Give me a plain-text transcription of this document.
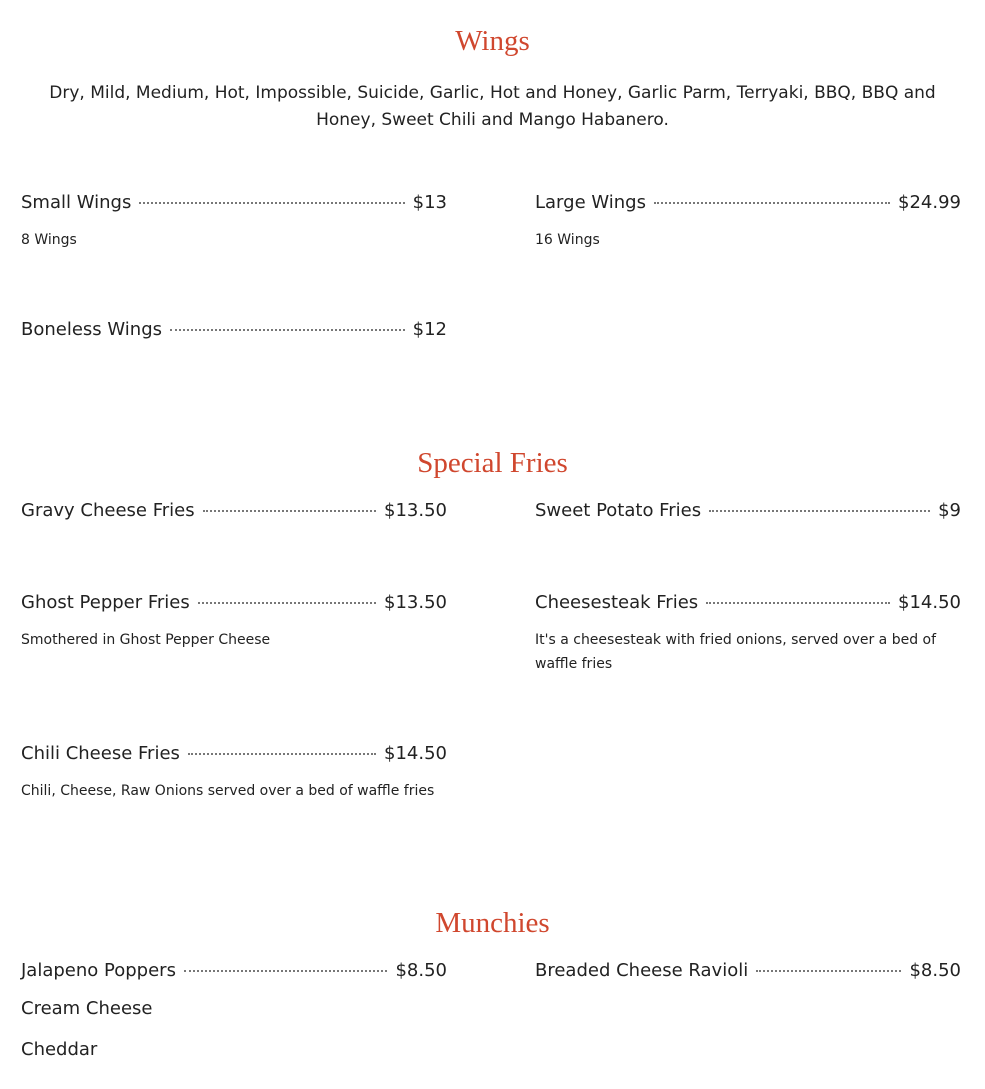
Wings
Dry, Mild, Medium, Hot, Impossible, Suicide, Garlic, Hot and Honey, Garlic Parm, Terryaki, BBQ, BBQ and Honey, Sweet Chili and Mango Habanero.
Small Wings	$13
8 Wings
Large Wings	$24.99
16 Wings
Boneless Wings	$12
Special Fries
Gravy Cheese Fries	$13.50	Sweet Potato Fries	$9
Ghost Pepper Fries	$13.50
Smothered in Ghost Pepper Cheese
Cheesesteak Fries	$14.50
It's a cheesesteak with fried onions, served over a bed of waffle fries
Chili Cheese Fries	$14.50
Chili, Cheese, Raw Onions served over a bed of waffle fries
Munchies
Jalapeno Poppers	$8.50
Cream Cheese
Cheddar
Breaded Cheese Ravioli	$8.50
